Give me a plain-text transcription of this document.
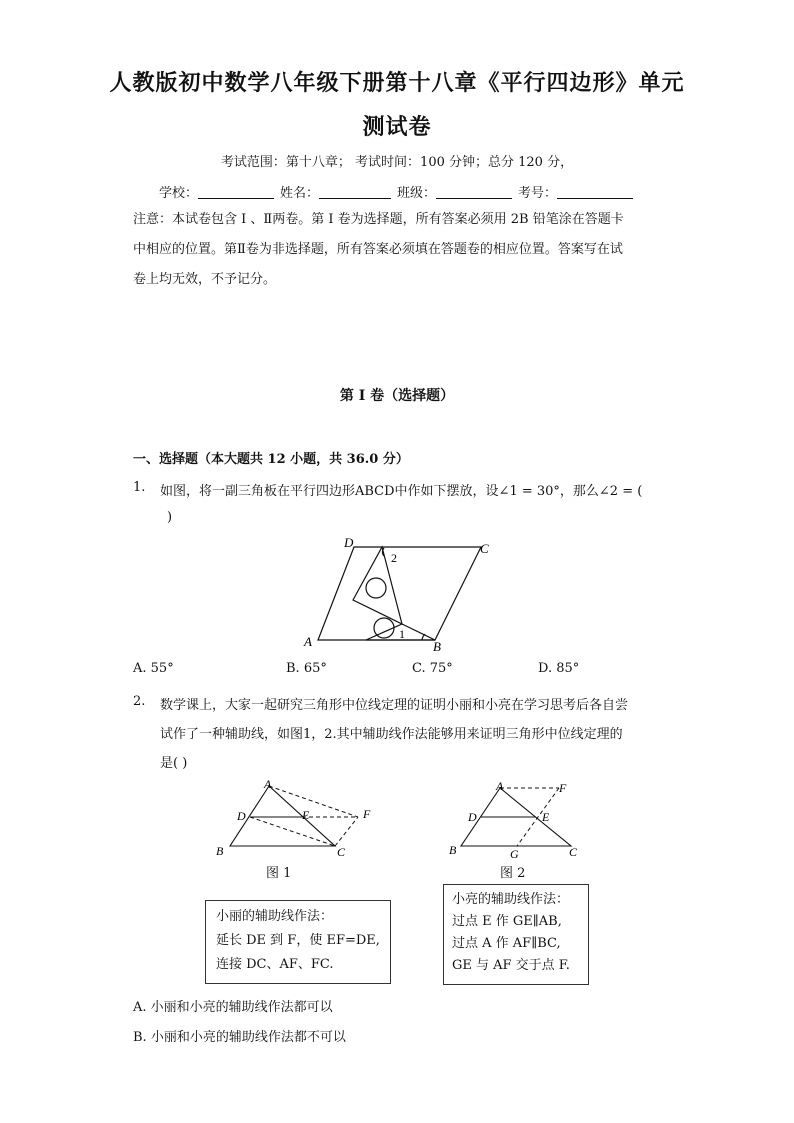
人教版初中数学八年级下册第十八章《平行四边形》单元
测试卷
考试范围：第十八章； 考试时间：100 分钟；总分 120 分，
学校：	姓名：	班级：	考号：
注意：本试卷包含 Ⅰ 、Ⅱ两卷。第 Ⅰ 卷为选择题，所有答案必须用 2B 铅笔涂在答题卡
中相应的位置。第Ⅱ卷为非选择题，所有答案必须填在答题卷的相应位置。答案写在试
卷上均无效，不予记分。
第 I 卷（选择题）
一、选择题（本大题共 12 小题，共 36.0 分）
1. 如图，将一副三角板在平行四边形ABCD中作如下摆放，设∠1 = 30°，那么∠2 = (
)
D	C
A	B
2
1
A. 55°	B. 65°	C. 75°	D. 85°
2. 数学课上，大家一起研究三角形中位线定理的证明小丽和小亮在学习思考后各自尝
试作了一种辅助线，如图1，2.其中辅助线作法能够用来证明三角形中位线定理的
是( )
A
D	E	F
B	C
图 1
A	F
D	E
B	G	C
图 2
小丽的辅助线作法：
延长 DE 到 F，使 EF=DE,
连接 DC、AF、FC.
小亮的辅助线作法：
过点 E 作 GE∥AB,
过点 A 作 AF∥BC,
GE 与 AF 交于点 F.
A. 小丽和小亮的辅助线作法都可以
B. 小丽和小亮的辅助线作法都不可以
